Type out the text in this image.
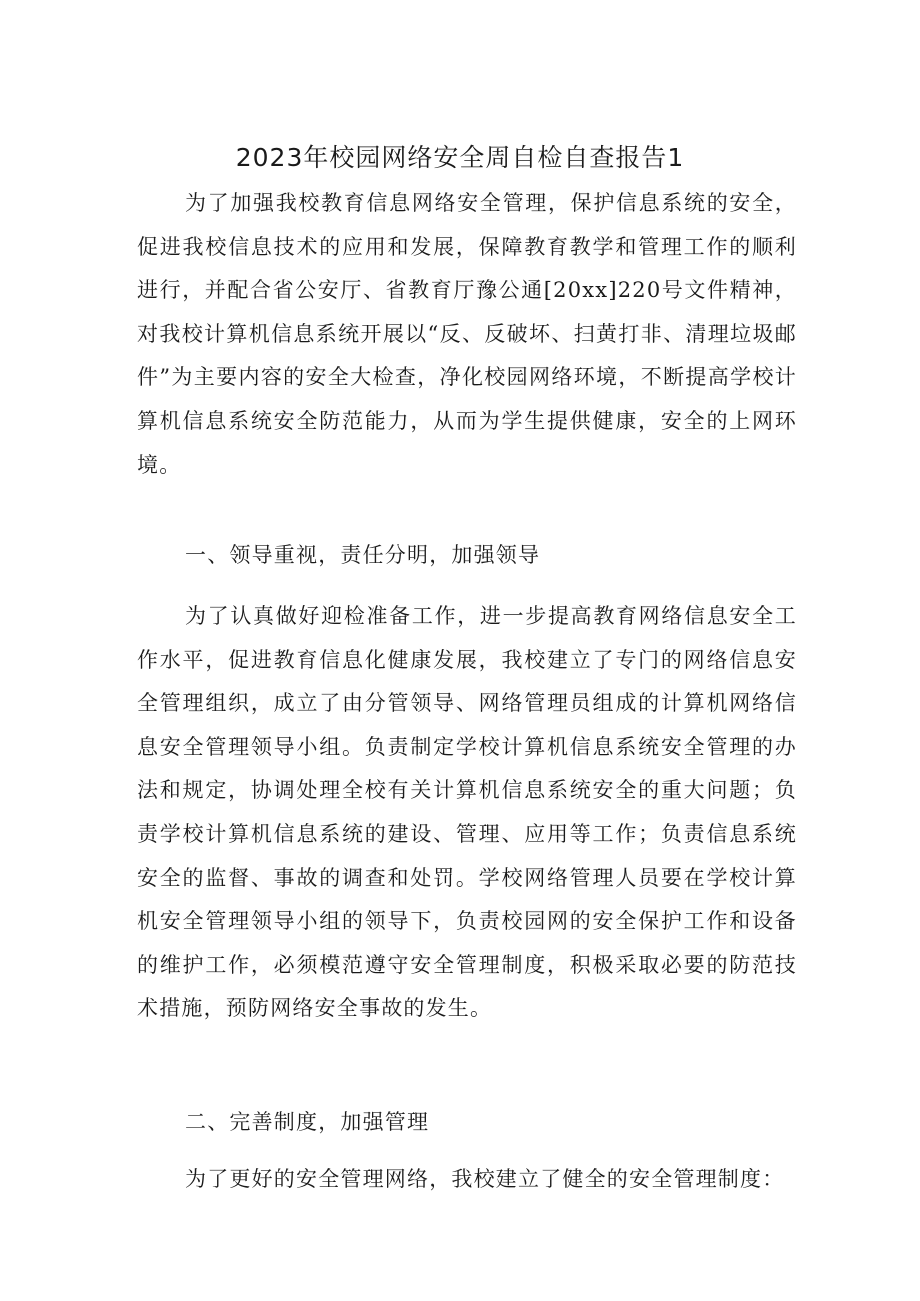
2023年校园网络安全周自检自查报告1

为了加强我校教育信息网络安全管理，保护信息系统的安全，促进我校信息技术的应用和发展，保障教育教学和管理工作的顺利进行，并配合省公安厅、省教育厅豫公通[20xx]220号文件精神，对我校计算机信息系统开展以“反、反破坏、扫黄打非、清理垃圾邮件”为主要内容的安全大检查，净化校园网络环境，不断提高学校计算机信息系统安全防范能力，从而为学生提供健康，安全的上网环境。

一、领导重视，责任分明，加强领导

为了认真做好迎检准备工作，进一步提高教育网络信息安全工作水平，促进教育信息化健康发展，我校建立了专门的网络信息安全管理组织，成立了由分管领导、网络管理员组成的计算机网络信息安全管理领导小组。负责制定学校计算机信息系统安全管理的办法和规定，协调处理全校有关计算机信息系统安全的重大问题；负责学校计算机信息系统的建设、管理、应用等工作；负责信息系统安全的监督、事故的调查和处罚。学校网络管理人员要在学校计算机安全管理领导小组的领导下，负责校园网的安全保护工作和设备的维护工作，必须模范遵守安全管理制度，积极采取必要的防范技术措施，预防网络安全事故的发生。

二、完善制度，加强管理

为了更好的安全管理网络，我校建立了健全的安全管理制度：
